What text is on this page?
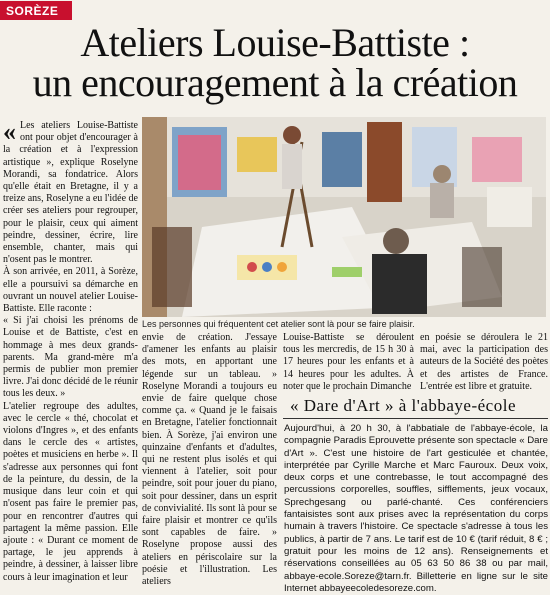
SORÈZE
Ateliers Louise-Battiste :
un encouragement à la création

« Les ateliers Louise-Battiste ont pour objet d'encourager à la création et à l'expression artistique », explique Roselyne Morandi, sa fondatrice. Alors qu'elle était en Bretagne, il y a treize ans, Roselyne a eu l'idée de créer ses ateliers pour regrouper, pour le plaisir, ceux qui aiment peindre, dessiner, écrire, lire ensemble, chanter, mais qui n'osent pas le montrer.

À son arrivée, en 2011, à Sorèze, elle a poursuivi sa démarche en ouvrant un nouvel atelier Louise-Battiste. Elle raconte :

« Si j'ai choisi les prénoms de Louise et de Battiste, c'est en hommage à mes deux grands-parents. Ma grand-mère m'a permis de publier mon premier livre. J'ai donc décidé de le réunir tous les deux. »

L'atelier regroupe des adultes, avec le cercle « thé, chocolat et violons d'Ingres », et des enfants dans le cercle des « artistes, poètes et musiciens en herbe ». Il s'adresse aux personnes qui font de la peinture, du dessin, de la musique dans leur coin et qui n'osent pas faire le premier pas, pour en rencontrer d'autres qui partagent la même passion. Elle ajoute : « Durant ce moment de partage, le jeu apprends à peindre, à dessiner, à laisser libre cours à leur imagination et leur

Les personnes qui fréquentent cet atelier sont là pour se faire plaisir.

envie de création. J'essaye d'amener les enfants au plaisir des mots, en apportant une légende sur un tableau. » Roselyne Morandi a toujours eu envie de faire quelque chose comme ça. « Quand je le faisais en Bretagne, l'atelier fonctionnait bien. À Sorèze, j'ai environ une quinzaine d'enfants et d'adultes, qui ne restent plus isolés et qui viennent à l'atelier, soit pour peindre, soit pour jouer du piano, soit pour dessiner, dans un esprit de convivialité. Ils sont là pour se faire plaisir et montrer ce qu'ils sont capables de faire. » Roselyne propose aussi des ateliers en périscolaire sur la poésie et l'illustration. Les ateliers

Louise-Battiste se déroulent tous les mercredis, de 15 h 30 à 17 heures pour les enfants et à 14 heures pour les adultes. À noter que le prochain Dimanche

en poésie se déroulera le 21 mai, avec la participation des auteurs de la Société des poètes et des artistes de France. L'entrée est libre et gratuite.

« Dare d'Art » à l'abbaye-école
Aujourd'hui, à 20 h 30, à l'abbatiale de l'abbaye-école, la compagnie Paradis Eprouvette présente son spectacle « Dare d'Art ». C'est une histoire de l'art gesticulée et chantée, interprétée par Cyrille Marche et Marc Fauroux. Deux voix, deux corps et une contrebasse, le tout accompagné des percussions corporelles, souffles, sifflements, jeux vocaux, Sprechgesang ou parlé-chanté. Ces conférenciers fantaisistes sont aux prises avec la représentation du corps humain à travers l'histoire. Ce spectacle s'adresse à tous les publics, à partir de 7 ans. Le tarif est de 10 € (tarif réduit, 8 € ; gratuit pour les moins de 12 ans). Renseignements et réservations conseillées au 05 63 50 86 38 ou par mail, abbaye-ecole.Soreze@tarn.fr. Billetterie en ligne sur le site Internet abbayeecoledesoreze.com.
